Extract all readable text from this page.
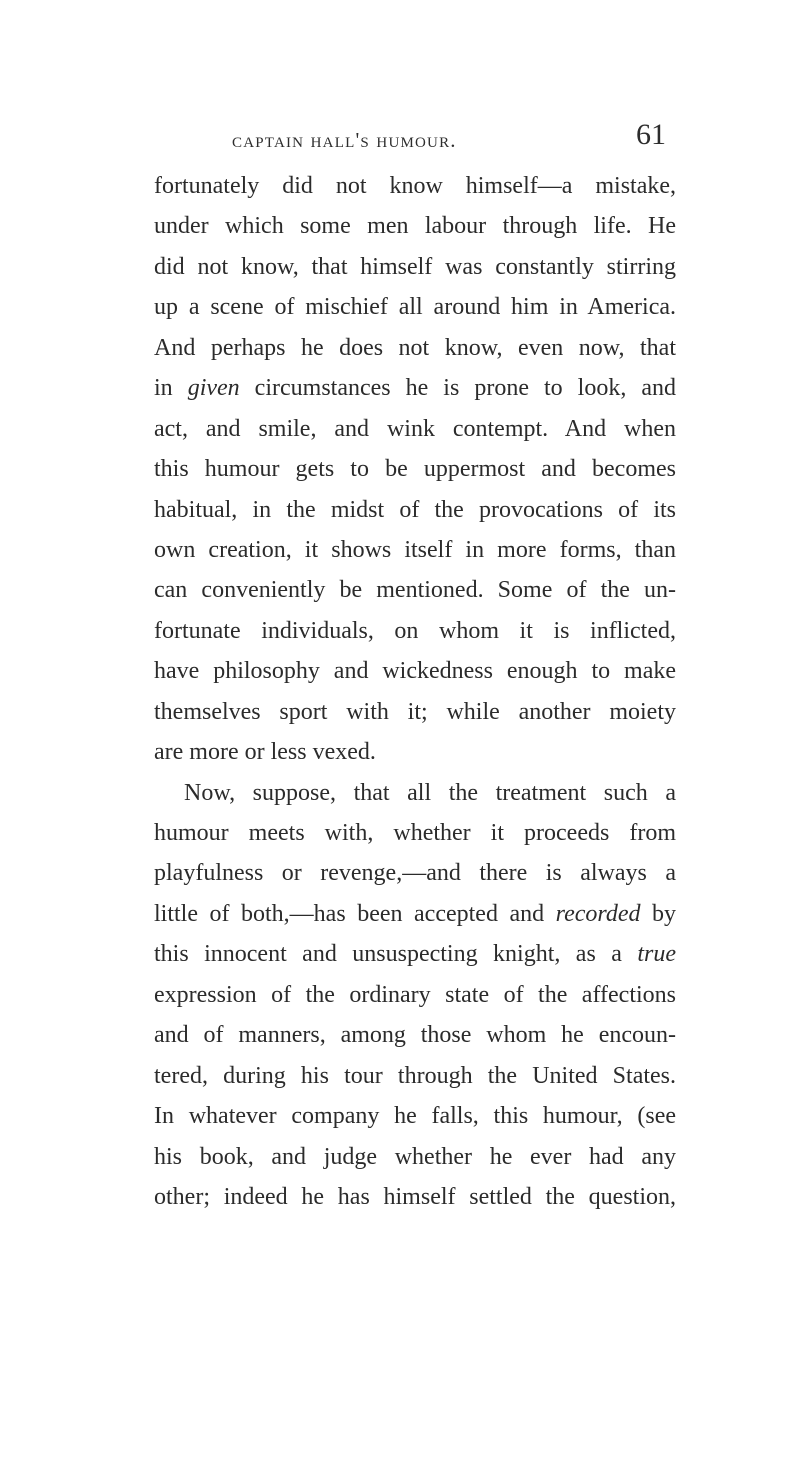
captain hall's humour.	61
fortunately did not know himself—a mistake,
under which some men labour through life. He
did not know, that himself was constantly stirring
up a scene of mischief all around him in America.
And perhaps he does not know, even now, that
in given circumstances he is prone to look, and
act, and smile, and wink contempt. And when
this humour gets to be uppermost and becomes
habitual, in the midst of the provocations of its
own creation, it shows itself in more forms, than
can conveniently be mentioned. Some of the un-
fortunate individuals, on whom it is inflicted,
have philosophy and wickedness enough to make
themselves sport with it; while another moiety
are more or less vexed.
Now, suppose, that all the treatment such a
humour meets with, whether it proceeds from
playfulness or revenge,—and there is always a
little of both,—has been accepted and recorded by
this innocent and unsuspecting knight, as a true
expression of the ordinary state of the affections
and of manners, among those whom he encoun-
tered, during his tour through the United States.
In whatever company he falls, this humour, (see
his book, and judge whether he ever had any
other; indeed he has himself settled the question,
